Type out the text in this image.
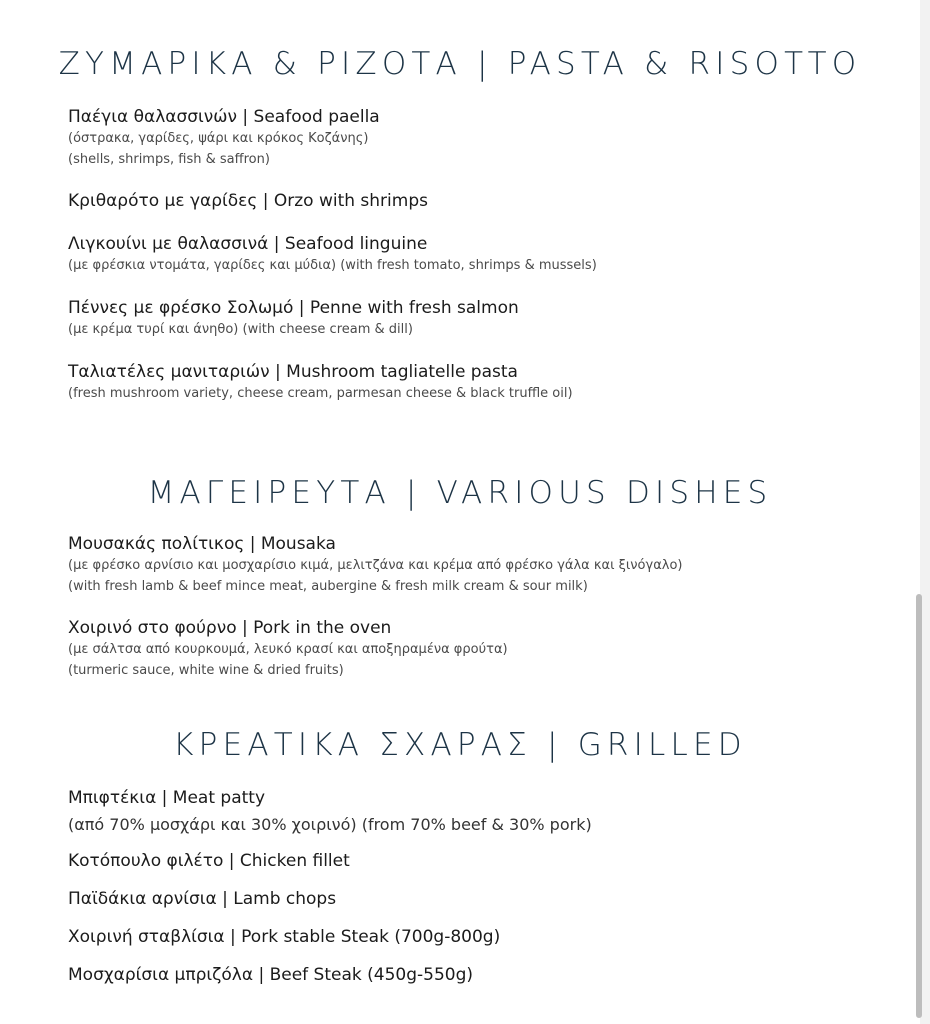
ΖΥΜΑΡΙΚΑ & ΡΙΖΟΤΑ | PASTA & RISOTTO
Παέγια θαλασσινών | Seafood paella
(όστρακα, γαρίδες, ψάρι και κρόκος Κοζάνης)
(shells, shrimps, fish & saffron)
Κριθαρότο με γαρίδες | Orzo with shrimps
Λιγκουίνι με θαλασσινά | Seafood linguine
(με φρέσκια ντομάτα, γαρίδες και μύδια) (with fresh tomato, shrimps & mussels)
Πέννες με φρέσκο Σολωμό | Penne with fresh salmon
(με κρέμα τυρί και άνηθο) (with cheese cream & dill)
Ταλιατέλες μανιταριών | Mushroom tagliatelle pasta
(fresh mushroom variety, cheese cream, parmesan cheese & black truffle oil)
ΜΑΓΕΙΡΕΥΤΑ | VARIOUS DISHES
Μουσακάς πολίτικος | Mousaka
(με φρέσκο αρνίσιο και μοσχαρίσιο κιμά, μελιτζάνα και κρέμα από φρέσκο γάλα και ξινόγαλο)
(with fresh lamb & beef mince meat, aubergine & fresh milk cream & sour milk)
Χοιρινό στο φούρνο | Pork in the oven
(με σάλτσα από κουρκουμά, λευκό κρασί και αποξηραμένα φρούτα)
(turmeric sauce, white wine & dried fruits)
ΚΡΕΑΤΙΚΑ ΣΧΑΡΑΣ | GRILLED
Μπιφτέκια | Meat patty
(από 70% μοσχάρι και 30% χοιρινό) (from 70% beef & 30% pork)
Κοτόπουλο φιλέτο | Chicken fillet
Παϊδάκια αρνίσια | Lamb chops
Χοιρινή σταβλίσια | Pork stable Steak (700g-800g)
Μοσχαρίσια μπριζόλα | Beef Steak (450g-550g)
